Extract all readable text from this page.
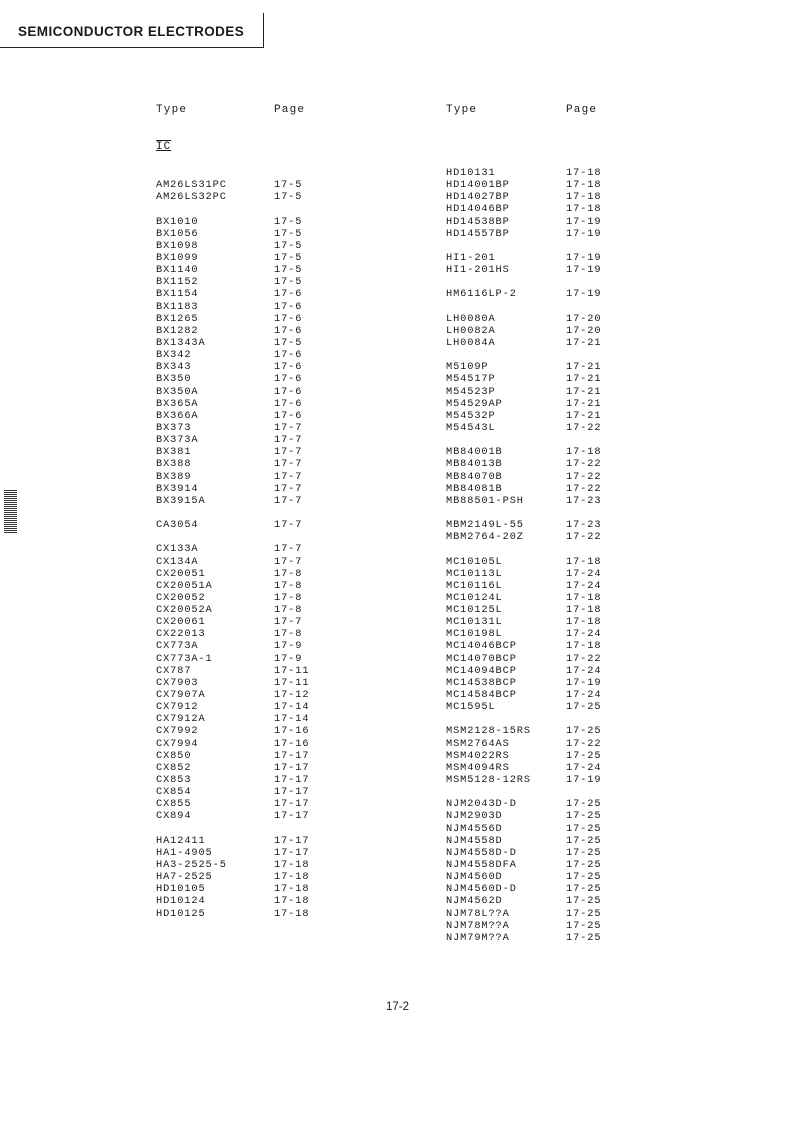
SEMICONDUCTOR ELECTRODES
Type	Page	Type	Page
IC
AM26LS31PC	17-5
AM26LS32PC	17-5
BX1010	17-5
BX1056	17-5
BX1098	17-5
BX1099	17-5
BX1140	17-5
BX1152	17-5
BX1154	17-6
BX1183	17-6
BX1265	17-6
BX1282	17-6
BX1343A	17-5
BX342	17-6
BX343	17-6
BX350	17-6
BX350A	17-6
BX365A	17-6
BX366A	17-6
BX373	17-7
BX373A	17-7
BX381	17-7
BX388	17-7
BX389	17-7
BX3914	17-7
BX3915A	17-7
CA3054	17-7
CX133A	17-7
CX134A	17-7
CX20051	17-8
CX20051A	17-8
CX20052	17-8
CX20052A	17-8
CX20061	17-7
CX22013	17-8
CX773A	17-9
CX773A-1	17-9
CX787	17-11
CX7903	17-11
CX7907A	17-12
CX7912	17-14
CX7912A	17-14
CX7992	17-16
CX7994	17-16
CX850	17-17
CX852	17-17
CX853	17-17
CX854	17-17
CX855	17-17
CX894	17-17
HA12411	17-17
HA1-4905	17-17
HA3-2525-5	17-18
HA7-2525	17-18
HD10105	17-18
HD10124	17-18
HD10125	17-18
HD10131	17-18
HD14001BP	17-18
HD14027BP	17-18
HD14046BP	17-18
HD14538BP	17-19
HD14557BP	17-19
HI1-201	17-19
HI1-201HS	17-19
HM6116LP-2	17-19
LH0080A	17-20
LH0082A	17-20
LH0084A	17-21
M5109P	17-21
M54517P	17-21
M54523P	17-21
M54529AP	17-21
M54532P	17-21
M54543L	17-22
MB84001B	17-18
MB84013B	17-22
MB84070B	17-22
MB84081B	17-22
MB88501-PSH	17-23
MBM2149L-55	17-23
MBM2764-20Z	17-22
MC10105L	17-18
MC10113L	17-24
MC10116L	17-24
MC10124L	17-18
MC10125L	17-18
MC10131L	17-18
MC10198L	17-24
MC14046BCP	17-18
MC14070BCP	17-22
MC14094BCP	17-24
MC14538BCP	17-19
MC14584BCP	17-24
MC1595L	17-25
MSM2128-15RS	17-25
MSM2764AS	17-22
MSM4022RS	17-25
MSM4094RS	17-24
MSM5128-12RS	17-19
NJM2043D-D	17-25
NJM2903D	17-25
NJM4556D	17-25
NJM4558D	17-25
NJM4558D-D	17-25
NJM4558DFA	17-25
NJM4560D	17-25
NJM4560D-D	17-25
NJM4562D	17-25
NJM78L??A	17-25
NJM78M??A	17-25
NJM79M??A	17-25
17-2
